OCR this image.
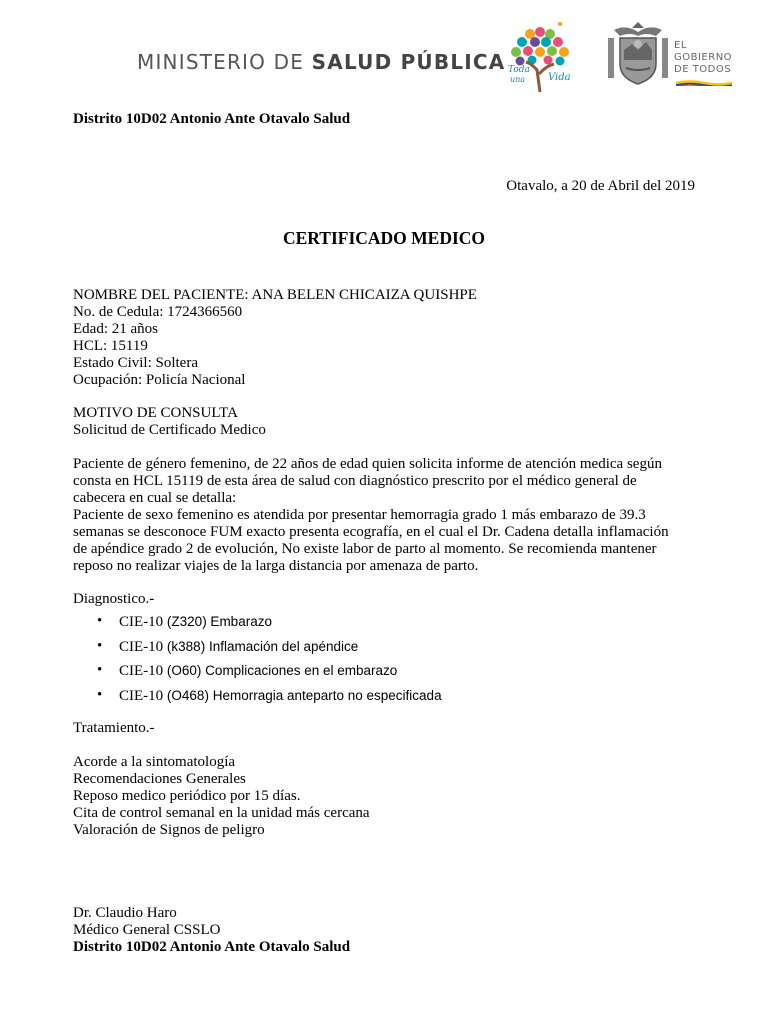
MINISTERIO DE SALUD PÚBLICA Toda
una Vida
EL
GOBIERNO
DE TODOS
Distrito 10D02 Antonio Ante Otavalo Salud
Otavalo, a 20 de Abril del 2019
CERTIFICADO MEDICO
NOMBRE DEL PACIENTE: ANA BELEN CHICAIZA QUISHPE
No. de Cedula: 1724366560
Edad: 21 años
HCL: 15119
Estado Civil: Soltera
Ocupación: Policía Nacional
MOTIVO DE CONSULTA
Solicitud de Certificado Medico
Paciente de género femenino, de 22 años de edad quien solicita informe de atención medica según
consta en HCL 15119 de esta área de salud con diagnóstico prescrito por el médico general de
cabecera en cual se detalla:
Paciente de sexo femenino es atendida por presentar hemorragia grado 1 más embarazo de 39.3
semanas se desconoce FUM exacto presenta ecografía, en el cual el Dr. Cadena detalla inflamación
de apéndice grado 2 de evolución, No existe labor de parto al momento. Se recomienda mantener
reposo no realizar viajes de la larga distancia por amenaza de parto.
Diagnostico.-
• CIE-10 (Z320) Embarazo
• CIE-10 (k388) Inflamación del apéndice
• CIE-10 (O60) Complicaciones en el embarazo
• CIE-10 (O468) Hemorragia anteparto no especificada
Tratamiento.-
Acorde a la sintomatología
Recomendaciones Generales
Reposo medico periódico por 15 días.
Cita de control semanal en la unidad más cercana
Valoración de Signos de peligro
Dr. Claudio Haro
Médico General CSSLO
Distrito 10D02 Antonio Ante Otavalo Salud
